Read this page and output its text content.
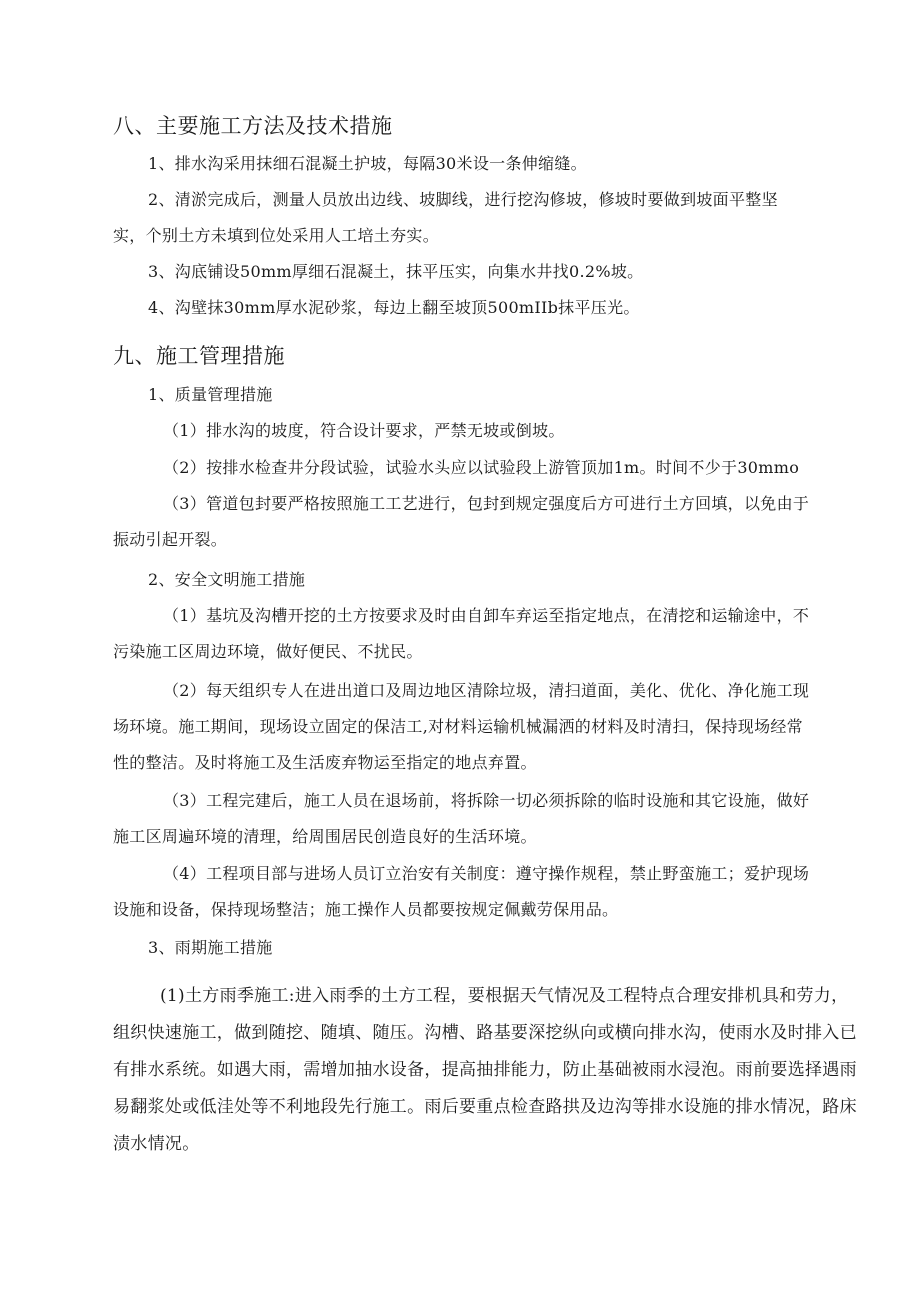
八、主要施工方法及技术措施
1、排水沟采用抹细石混凝土护坡，每隔30米设一条伸缩缝。
2、清淤完成后，测量人员放出边线、坡脚线，进行挖沟修坡，修坡时要做到坡面平整坚
实，个别土方未填到位处采用人工培土夯实。
3、沟底铺设50mm厚细石混凝土，抹平压实，向集水井找0.2%坡。
4、沟壁抹30mm厚水泥砂浆，每边上翻至坡顶500mIIb抹平压光。
九、施工管理措施
1、质量管理措施
（1）排水沟的坡度，符合设计要求，严禁无坡或倒坡。
（2）按排水检查井分段试验，试验水头应以试验段上游管顶加1m。时间不少于30mmo
（3）管道包封要严格按照施工工艺进行，包封到规定强度后方可进行土方回填，以免由于
振动引起开裂。
2、安全文明施工措施
（1）基坑及沟槽开挖的土方按要求及时由自卸车弃运至指定地点，在清挖和运输途中，不
污染施工区周边环境，做好便民、不扰民。
（2）每天组织专人在进出道口及周边地区清除垃圾，清扫道面，美化、优化、净化施工现
场环境。施工期间，现场设立固定的保洁工,对材料运输机械漏洒的材料及时清扫，保持现场经常
性的整洁。及时将施工及生活废弃物运至指定的地点弃置。
（3）工程完建后，施工人员在退场前，将拆除一切必须拆除的临时设施和其它设施，做好
施工区周遍环境的清理，给周围居民创造良好的生活环境。
（4）工程项目部与进场人员订立治安有关制度：遵守操作规程，禁止野蛮施工；爱护现场
设施和设备，保持现场整洁；施工操作人员都要按规定佩戴劳保用品。
3、雨期施工措施
(1)土方雨季施工:进入雨季的土方工程，要根据天气情况及工程特点合理安排机具和劳力，
组织快速施工，做到随挖、随填、随压。沟槽、路基要深挖纵向或横向排水沟，使雨水及时排入已
有排水系统。如遇大雨，需增加抽水设备，提高抽排能力，防止基础被雨水浸泡。雨前要选择遇雨
易翻浆处或低洼处等不利地段先行施工。雨后要重点检查路拱及边沟等排水设施的排水情况，路床
渍水情况。
